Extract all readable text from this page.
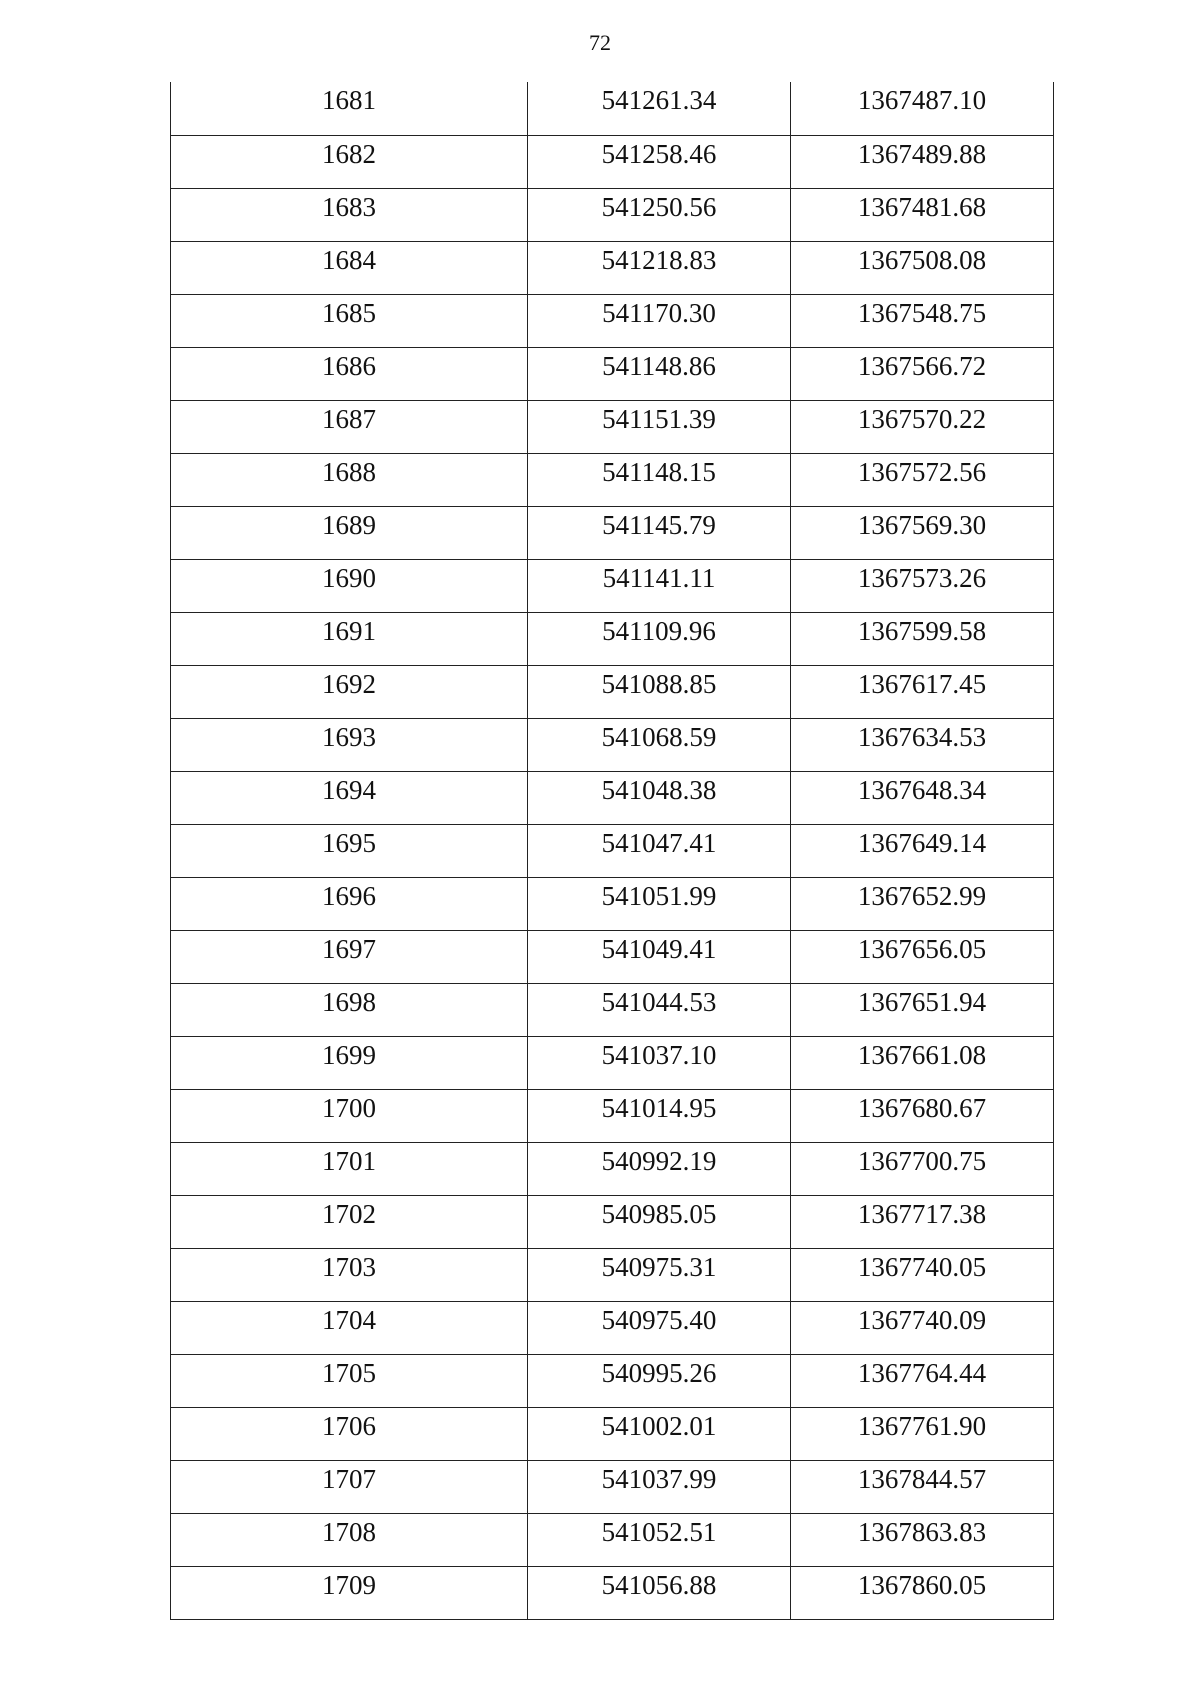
72
1681	541261.34	1367487.10
1682	541258.46	1367489.88
1683	541250.56	1367481.68
1684	541218.83	1367508.08
1685	541170.30	1367548.75
1686	541148.86	1367566.72
1687	541151.39	1367570.22
1688	541148.15	1367572.56
1689	541145.79	1367569.30
1690	541141.11	1367573.26
1691	541109.96	1367599.58
1692	541088.85	1367617.45
1693	541068.59	1367634.53
1694	541048.38	1367648.34
1695	541047.41	1367649.14
1696	541051.99	1367652.99
1697	541049.41	1367656.05
1698	541044.53	1367651.94
1699	541037.10	1367661.08
1700	541014.95	1367680.67
1701	540992.19	1367700.75
1702	540985.05	1367717.38
1703	540975.31	1367740.05
1704	540975.40	1367740.09
1705	540995.26	1367764.44
1706	541002.01	1367761.90
1707	541037.99	1367844.57
1708	541052.51	1367863.83
1709	541056.88	1367860.05
